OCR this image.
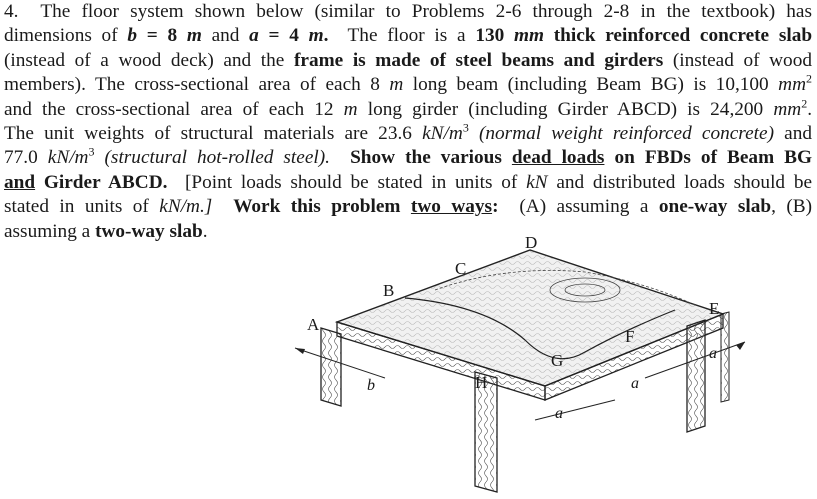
4. The floor system shown below (similar to Problems 2-6 through 2-8 in the textbook) has
dimensions of b = 8 m and a = 4 m. The floor is a 130 mm thick reinforced concrete slab
(instead of a wood deck) and the frame is made of steel beams and girders (instead of wood
members). The cross-sectional area of each 8 m long beam (including Beam BG) is 10,100 $mm^2$
and the cross-sectional area of each 12 m long girder (including Girder ABCD) is 24,200 $mm^2$.
The unit weights of structural materials are 23.6 $kN/m^3$ (normal weight reinforced concrete) and
77.0 $kN/m^3$ (structural hot-rolled steel). Show the various dead loads on FBDs of Beam BG
and Girder ABCD. [Point loads should be stated in units of kN and distributed loads should be
stated in units of kN/m.] Work this problem two ways: (A) assuming a one-way slab, (B)
assuming a two-way slab.
A
B
C
D
E
F
G
H
b
a
a
a
